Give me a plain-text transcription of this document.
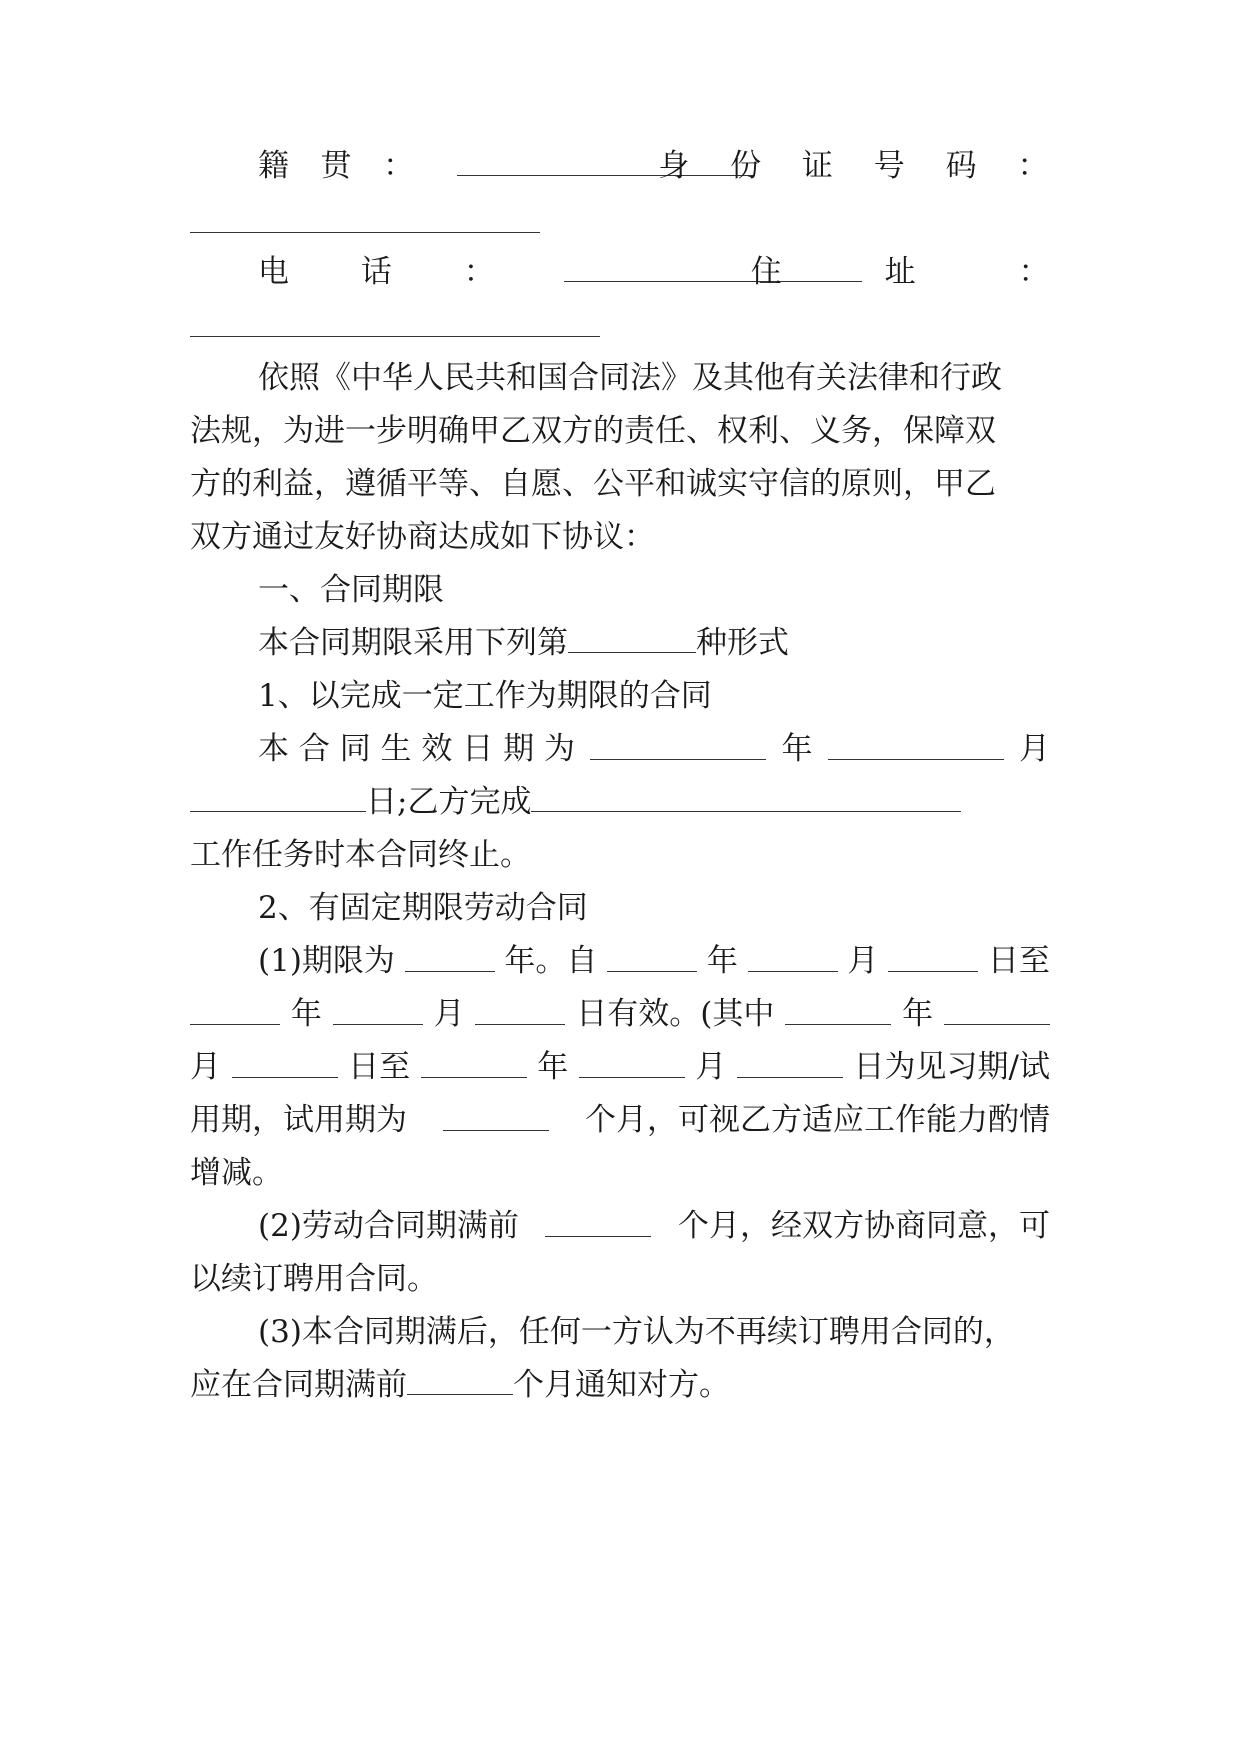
籍 贯 ：	身 份 证 号 码 ：
电 话 ：	住 址 ：
依照《中华人民共和国合同法》及其他有关法律和行政
法规，为进一步明确甲乙双方的责任、权利、义务，保障双
方的利益，遵循平等、自愿、公平和诚实守信的原则，甲乙
双方通过友好协商达成如下协议：
一、合同期限
本合同期限采用下列第	种形式
1、以完成一定工作为期限的合同
本 合 同 生 效 日 期 为	年	月
日;乙方完成
工作任务时本合同终止。
2、有固定期限劳动合同
(1)期限为	年。自	年	月	日至
年	月	日有效。(其中	年
月	日至	年	月	日为见习期/试
用期，试用期为	个月，可视乙方适应工作能力酌情
增减。
(2)劳动合同期满前	个月，经双方协商同意，可
以续订聘用合同。
(3)本合同期满后，任何一方认为不再续订聘用合同的，
应在合同期满前	个月通知对方。
